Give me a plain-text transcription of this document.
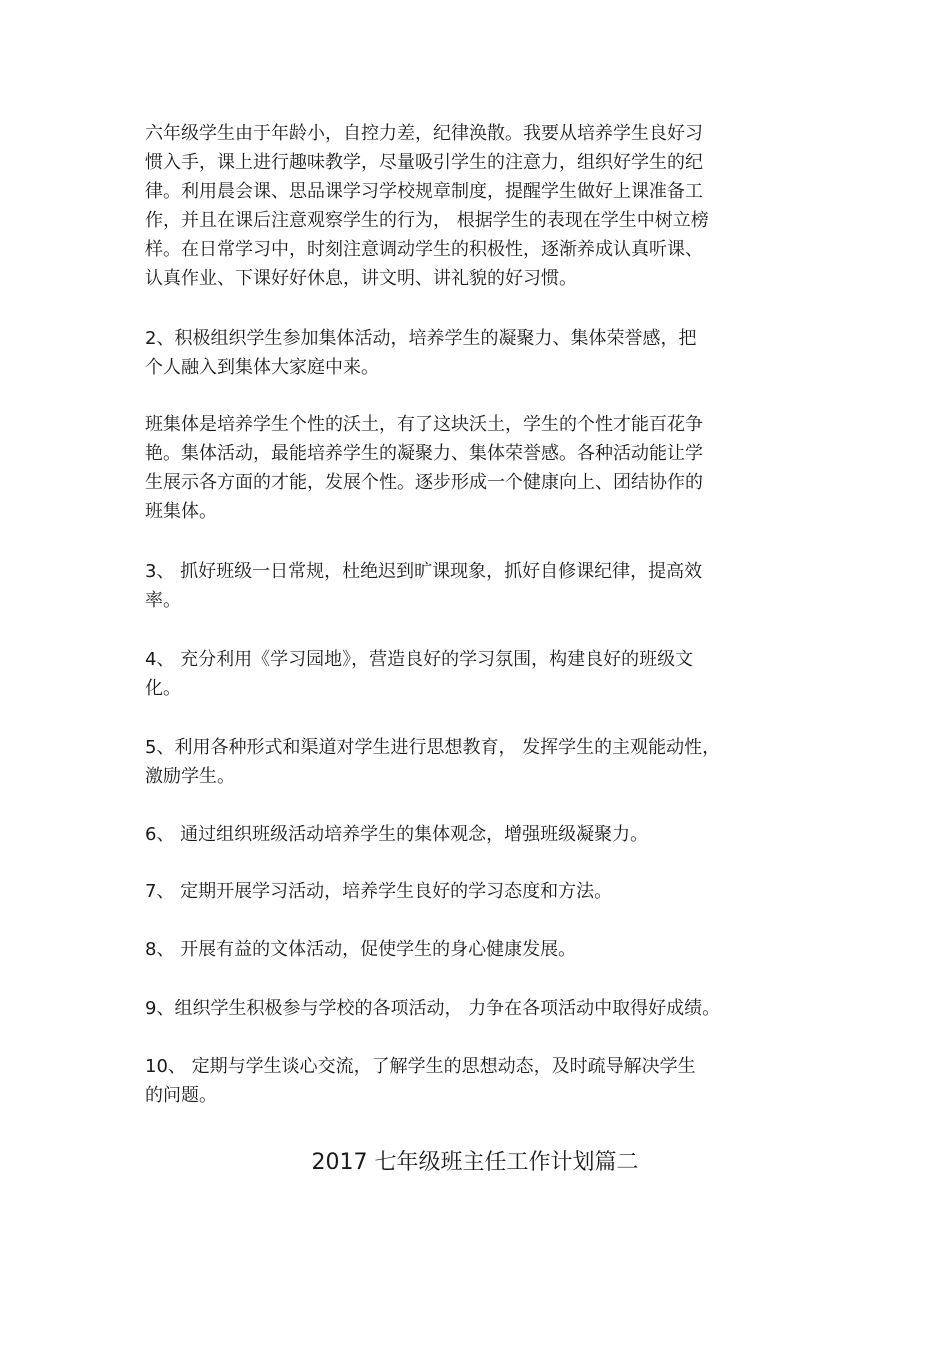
六年级学生由于年龄小，自控力差，纪律涣散。我要从培养学生良好习
惯入手，课上进行趣味教学，尽量吸引学生的注意力，组织好学生的纪
律。利用晨会课、思品课学习学校规章制度，提醒学生做好上课准备工
作，并且在课后注意观察学生的行为， 根据学生的表现在学生中树立榜
样。在日常学习中，时刻注意调动学生的积极性，逐渐养成认真听课、
认真作业、下课好好休息，讲文明、讲礼貌的好习惯。

2、积极组织学生参加集体活动，培养学生的凝聚力、集体荣誉感，把
个人融入到集体大家庭中来。

班集体是培养学生个性的沃土，有了这块沃土，学生的个性才能百花争
艳。集体活动，最能培养学生的凝聚力、集体荣誉感。各种活动能让学
生展示各方面的才能，发展个性。逐步形成一个健康向上、团结协作的
班集体。

3、 抓好班级一日常规，杜绝迟到旷课现象，抓好自修课纪律，提高效
率。

4、 充分利用《学习园地》，营造良好的学习氛围，构建良好的班级文
化。

5、利用各种形式和渠道对学生进行思想教育， 发挥学生的主观能动性，
激励学生。

6、 通过组织班级活动培养学生的集体观念，增强班级凝聚力。

7、 定期开展学习活动，培养学生良好的学习态度和方法。

8、 开展有益的文体活动，促使学生的身心健康发展。

9、组织学生积极参与学校的各项活动， 力争在各项活动中取得好成绩。

10、 定期与学生谈心交流，了解学生的思想动态，及时疏导解决学生
的问题。

2017 七年级班主任工作计划篇二
